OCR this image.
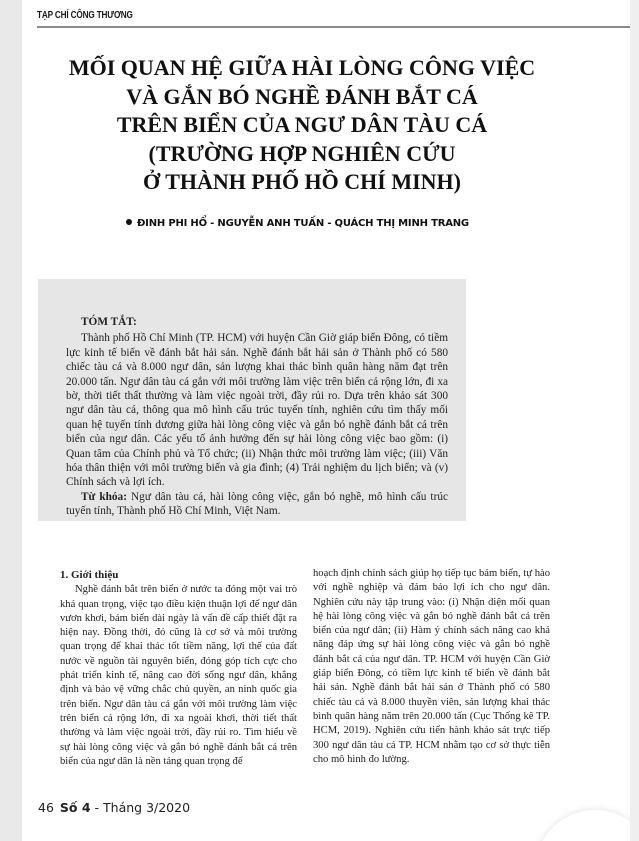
TẠP CHÍ CÔNG THƯƠNG
MỐI QUAN HỆ GIỮA HÀI LÒNG CÔNG VIỆC
VÀ GẮN BÓ NGHỀ ĐÁNH BẮT CÁ
TRÊN BIỂN CỦA NGƯ DÂN TÀU CÁ
(TRƯỜNG HỢP NGHIÊN CỨU
Ở THÀNH PHỐ HỒ CHÍ MINH)
ĐINH PHI HỔ - NGUYỄN ANH TUẤN - QUÁCH THỊ MINH TRANG
TÓM TẮT:

Thành phố Hồ Chí Minh (TP. HCM) với huyện Cần Giờ giáp biển Đông, có tiềm lực kinh tế biển về đánh bắt hải sản. Nghề đánh bắt hải sản ở Thành phố có 580 chiếc tàu cá và 8.000 ngư dân, sản lượng khai thác bình quân hàng năm đạt trên 20.000 tấn. Ngư dân tàu cá gắn với môi trường làm việc trên biển cả rộng lớn, đi xa bờ, thời tiết thất thường và làm việc ngoài trời, đầy rủi ro. Dựa trên khảo sát 300 ngư dân tàu cá, thông qua mô hình cấu trúc tuyến tính, nghiên cứu tìm thấy mối quan hệ tuyến tính dương giữa hài lòng công việc và gắn bó nghề đánh bắt cá trên biển của ngư dân. Các yếu tố ảnh hưởng đến sự hài lòng công việc bao gồm: (i) Quan tâm của Chính phủ và Tổ chức; (ii) Nhận thức môi trường làm việc; (iii) Văn hóa thân thiện với môi trường biển và gia đình; (4) Trải nghiệm du lịch biển; và (v) Chính sách và lợi ích.

Từ khóa: Ngư dân tàu cá, hài lòng công việc, gắn bó nghề, mô hình cấu trúc tuyến tính, Thành phố Hồ Chí Minh, Việt Nam.

1. Giới thiệu

Nghề đánh bắt trên biển ở nước ta đóng một vai trò khá quan trọng, việc tạo điều kiện thuận lợi để ngư dân vươn khơi, bám biển dài ngày là vấn đề cấp thiết đặt ra hiện nay. Đồng thời, đó cũng là cơ sở và môi trường quan trọng để khai thác tốt tiềm năng, lợi thế của đất nước về nguồn tài nguyên biển, đóng góp tích cực cho phát triển kinh tế, nâng cao đời sống ngư dân, khẳng định và bảo vệ vững chắc chủ quyền, an ninh quốc gia trên biển. Ngư dân tàu cá gắn với môi trường làm việc trên biển cả rộng lớn, đi xa ngoài khơi, thời tiết thất thường và làm việc ngoài trời, đầy rủi ro. Tìm hiểu về sự hài lòng công việc và gắn bó nghề đánh bắt cá trên biển của ngư dân là nền tảng quan trọng để

hoạch định chính sách giúp họ tiếp tục bám biển, tự hào với nghề nghiệp và đảm bảo lợi ích cho ngư dân. Nghiên cứu này tập trung vào: (i) Nhận diện mối quan hệ hài lòng công việc và gắn bó nghề đánh bắt cá trên biển của ngư dân; (ii) Hàm ý chính sách nâng cao khả năng đáp ứng sự hài lòng công việc và gắn bó nghề đánh bắt cá của ngư dân. TP. HCM với huyện Cần Giờ giáp biển Đông, có tiềm lực kinh tế biển về đánh bắt hải sản. Nghề đánh bắt hải sản ở Thành phố có 580 chiếc tàu cá và 8.000 thuyền viên, sản lượng khai thác bình quân hàng năm trên 20.000 tấn (Cục Thống kê TP. HCM, 2019). Nghiên cứu tiến hành khảo sát trực tiếp 300 ngư dân tàu cá TP. HCM nhằm tạo cơ sở thực tiễn cho mô hình đo lường.

46 Số 4 - Tháng 3/2020
